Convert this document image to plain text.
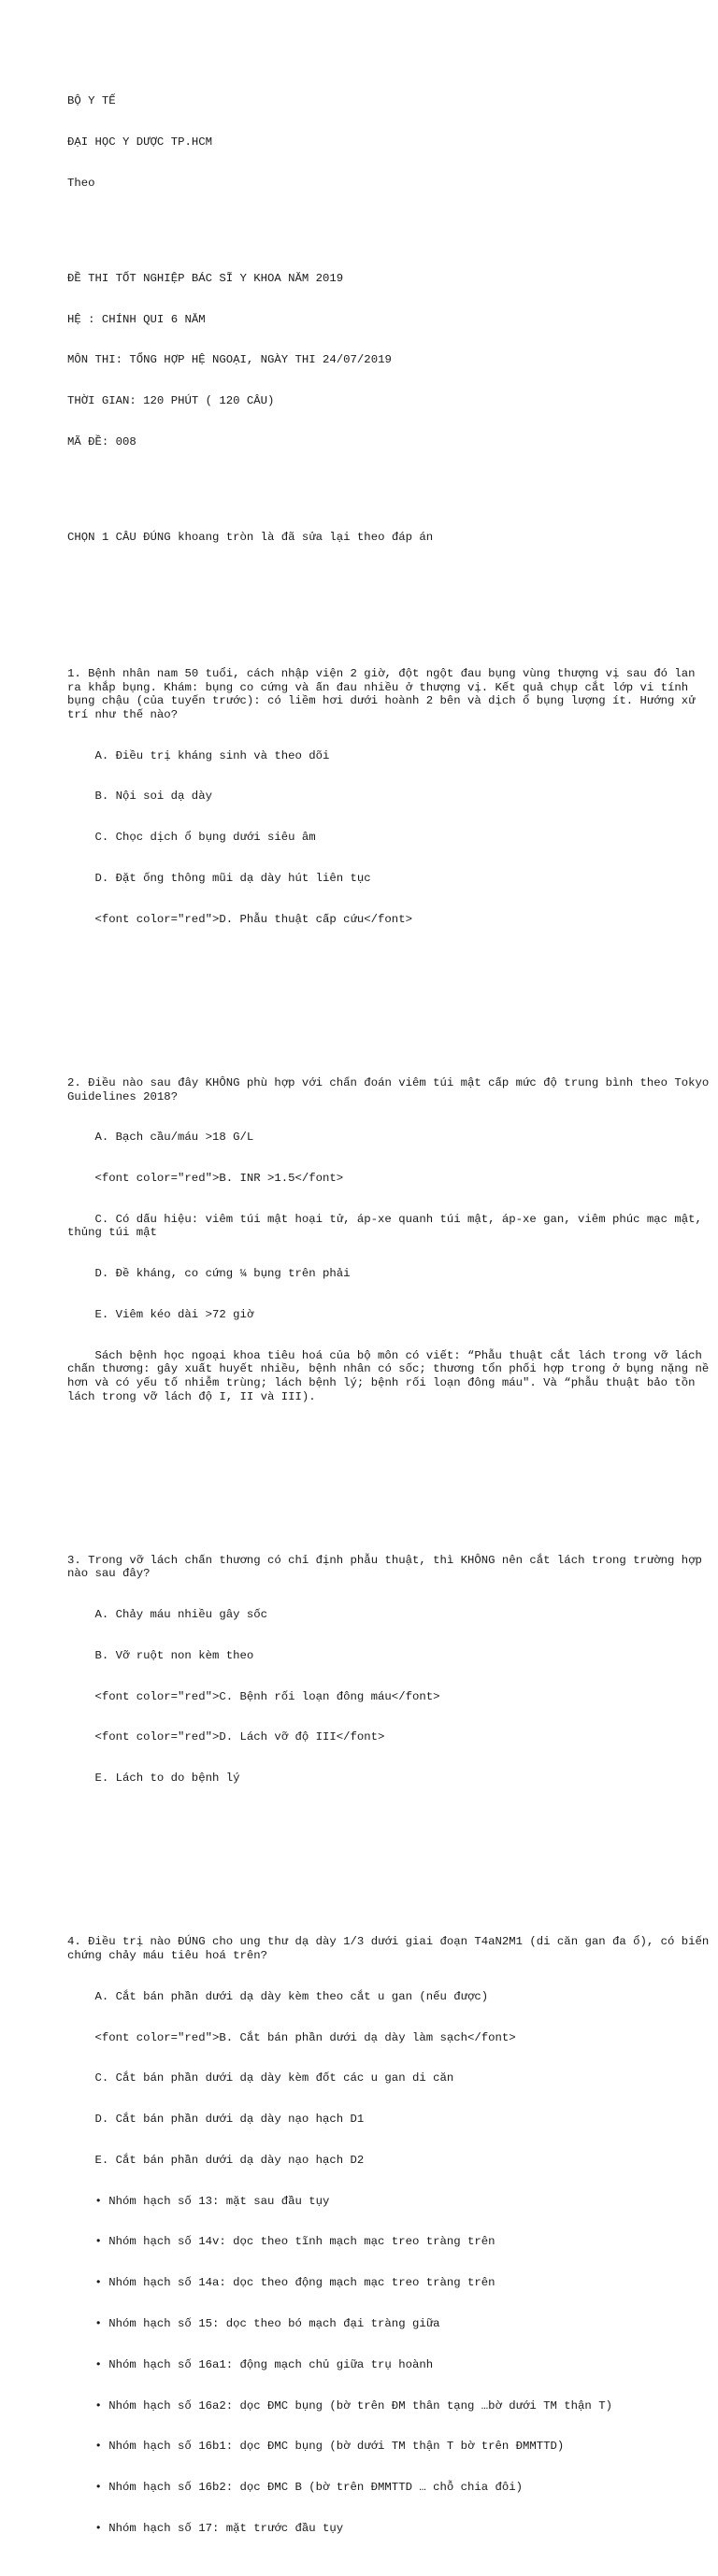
BỘ Y TẾ

ĐẠI HỌC Y DƯỢC TP.HCM

Theo

ĐỀ THI TỐT NGHIỆP BÁC SĨ Y KHOA NĂM 2019

HỆ : CHÍNH QUI 6 NĂM

MÔN THI: TỔNG HỢP HỆ NGOẠI, NGÀY THI 24/07/2019

THỜI GIAN: 120 PHÚT ( 120 CÂU)

MÃ ĐỀ: 008

CHỌN 1 CÂU ĐÚNG khoang tròn là đã sửa lại theo đáp án

1. Bệnh nhân nam 50 tuổi, cách nhập viện 2 giờ, đột ngột đau bụng vùng thượng vị sau đó lan ra khắp bụng. Khám: bụng co cứng và ấn đau nhiều ở thượng vị. Kết quả chụp cắt lớp vi tính bụng chậu (của tuyến trước): có liềm hơi dưới hoành 2 bên và dịch ổ bụng lượng ít. Hướng xử trí như thế nào?

A. Điều trị kháng sinh và theo dõi

B. Nội soi dạ dày

C. Chọc dịch ổ bụng dưới siêu âm

D. Đặt ống thông mũi dạ dày hút liên tục

<font color="red">D. Phẫu thuật cấp cứu</font>

2. Điều nào sau đây KHÔNG phù hợp với chẩn đoán viêm túi mật cấp mức độ trung bình theo Tokyo Guidelines 2018?

A. Bạch cầu/máu >18 G/L

<font color="red">B. INR >1.5</font>

C. Có dấu hiệu: viêm túi mật hoại tử, áp-xe quanh túi mật, áp-xe gan, viêm phúc mạc mật, thủng túi mật

D. Đề kháng, co cứng ¼ bụng trên phải

E. Viêm kéo dài >72 giờ

Sách bệnh học ngoại khoa tiêu hoá của bộ môn có viết: “Phẫu thuật cắt lách trong vỡ lách chấn thương: gây xuất huyết nhiều, bệnh nhân có sốc; thương tổn phối hợp trong ở bụng nặng nề hơn và có yếu tố nhiễm trùng; lách bệnh lý; bệnh rối loạn đông máu". Và “phẫu thuật bảo tồn lách trong vỡ lách độ I, II và III).

3. Trong vỡ lách chấn thương có chỉ định phẫu thuật, thì KHÔNG nên cắt lách trong trường hợp nào sau đây?

A. Chảy máu nhiều gây sốc

B. Vỡ ruột non kèm theo

<font color="red">C. Bệnh rối loạn đông máu</font>

<font color="red">D. Lách vỡ độ III</font>

E. Lách to do bệnh lý

4. Điều trị nào ĐÚNG cho ung thư dạ dày 1/3 dưới giai đoạn T4aN2M1 (di căn gan đa ổ), có biến chứng chảy máu tiêu hoá trên?

A. Cắt bán phần dưới dạ dày kèm theo cắt u gan (nếu được)

<font color="red">B. Cắt bán phần dưới dạ dày làm sạch</font>

C. Cắt bán phần dưới dạ dày kèm đốt các u gan di căn

D. Cắt bán phần dưới dạ dày nạo hạch D1

E. Cắt bán phần dưới dạ dày nạo hạch D2

• Nhóm hạch số 13: mặt sau đầu tụy

• Nhóm hạch số 14v: dọc theo tĩnh mạch mạc treo tràng trên

• Nhóm hạch số 14a: dọc theo động mạch mạc treo tràng trên

• Nhóm hạch số 15: dọc theo bó mạch đại tràng giữa

• Nhóm hạch số 16a1: động mạch chủ giữa trụ hoành

• Nhóm hạch số 16a2: dọc ĐMC bụng (bờ trên ĐM thân tạng …bờ dưới TM thận T)

• Nhóm hạch số 16b1: dọc ĐMC bụng (bờ dưới TM thận T bờ trên ĐMMTTD)

• Nhóm hạch số 16b2: dọc ĐMC B (bờ trên ĐMMTTD … chỗ chia đôi)

• Nhóm hạch số 17: mặt trước đầu tụy
